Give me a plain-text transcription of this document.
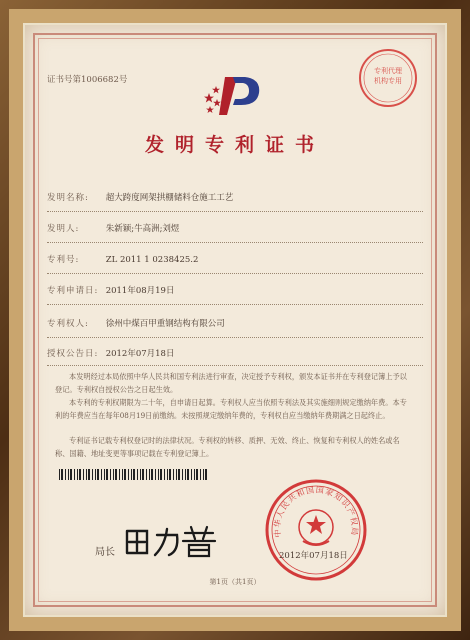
证书号第1006682号
专利代理
机构专用
发明专利证书
发明名称: 超大跨度网架拱棚储料仓施工工艺
发明人:	朱新颖;牛高洲;刘煜
专利号:	ZL 2011 1 0238425.2
专利申请日: 2011年08月19日
专利权人: 徐州中煤百甲重钢结构有限公司
授权公告日: 2012年07月18日
本发明经过本局依照中华人民共和国专利法进行审查，决定授予专利权，颁发本证书并在专利登记簿上予以登记。专利权自授权公告之日起生效。
本专利的专利权期限为二十年，自申请日起算。专利权人应当依照专利法及其实施细则规定缴纳年费。本专利的年费应当在每年08月19日前缴纳。未按照规定缴纳年费的，专利权自应当缴纳年费期满之日起终止。
专利证书记载专利权登记时的法律状况。专利权的转移、质押、无效、终止、恢复和专利权人的姓名或名称、国籍、地址变更等事项记载在专利登记簿上。
局长
中华人民共和国国家知识产权局
2012年07月18日
第1页（共1页）
